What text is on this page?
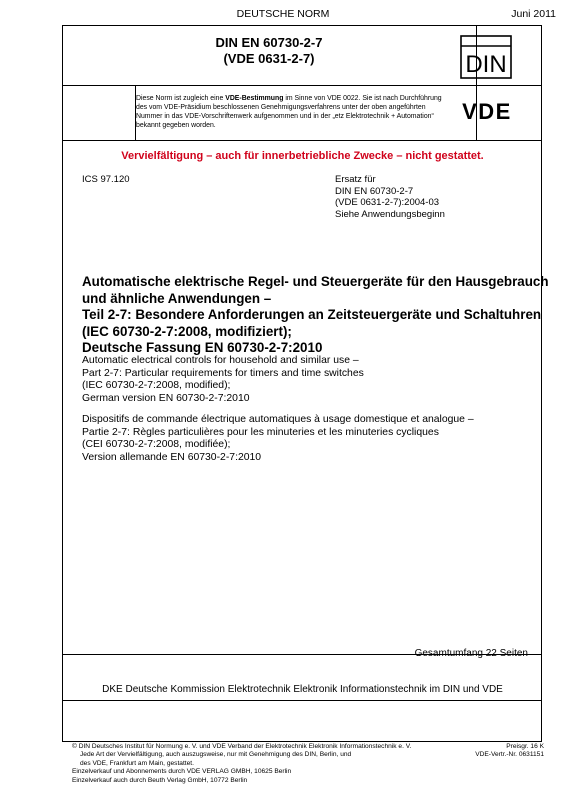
DEUTSCHE NORM	Juni 2011
DIN EN 60730-2-7
(VDE 0631-2-7)	DIN
VDE
Diese Norm ist zugleich eine VDE-Bestimmung im Sinne von VDE 0022. Sie ist nach Durchführung des vom VDE-Präsidium beschlossenen Genehmigungsverfahrens unter der oben angeführten Nummer in das VDE-Vorschriftenwerk aufgenommen und in der „etz Elektrotechnik + Automation“ bekannt gegeben worden.
Vervielfältigung – auch für innerbetriebliche Zwecke – nicht gestattet.
ICS 97.120	Ersatz für
DIN EN 60730-2-7
(VDE 0631-2-7):2004-03
Siehe Anwendungsbeginn
Automatische elektrische Regel- und Steuergeräte für den Hausgebrauch
und ähnliche Anwendungen –
Teil 2-7: Besondere Anforderungen an Zeitsteuergeräte und Schaltuhren
(IEC 60730-2-7:2008, modifiziert);
Deutsche Fassung EN 60730-2-7:2010
Automatic electrical controls for household and similar use –
Part 2-7: Particular requirements for timers and time switches
(IEC 60730-2-7:2008, modified);
German version EN 60730-2-7:2010
Dispositifs de commande électrique automatiques à usage domestique et analogue –
Partie 2-7: Règles particulières pour les minuteries et les minuteries cycliques
(CEI 60730-2-7:2008, modifiée);
Version allemande EN 60730-2-7:2010
Gesamtumfang 22 Seiten
DKE Deutsche Kommission Elektrotechnik Elektronik Informationstechnik im DIN und VDE
© DIN Deutsches Institut für Normung e. V. und VDE Verband der Elektrotechnik Elektronik Informationstechnik e. V.
Jede Art der Vervielfältigung, auch auszugsweise, nur mit Genehmigung des DIN, Berlin, und
des VDE, Frankfurt am Main, gestattet.
Preisgr. 16 K
VDE-Vertr.-Nr. 0631151
Einzelverkauf und Abonnements durch VDE VERLAG GMBH, 10625 Berlin
Einzelverkauf auch durch Beuth Verlag GmbH, 10772 Berlin
